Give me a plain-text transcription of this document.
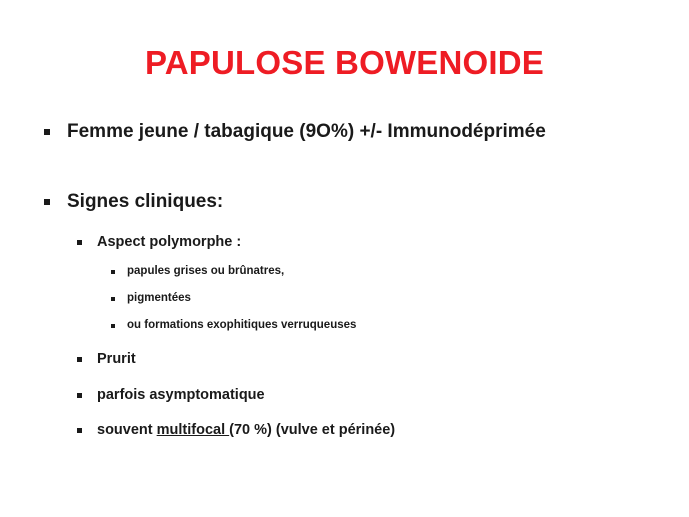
PAPULOSE BOWENOIDE
Femme jeune / tabagique (9O%) +/- Immunodéprimée
Signes cliniques:
Aspect polymorphe :
papules grises ou brûnatres,
pigmentées
ou formations exophitiques verruqueuses
Prurit
parfois asymptomatique
souvent multifocal (70 %) (vulve et périnée)
